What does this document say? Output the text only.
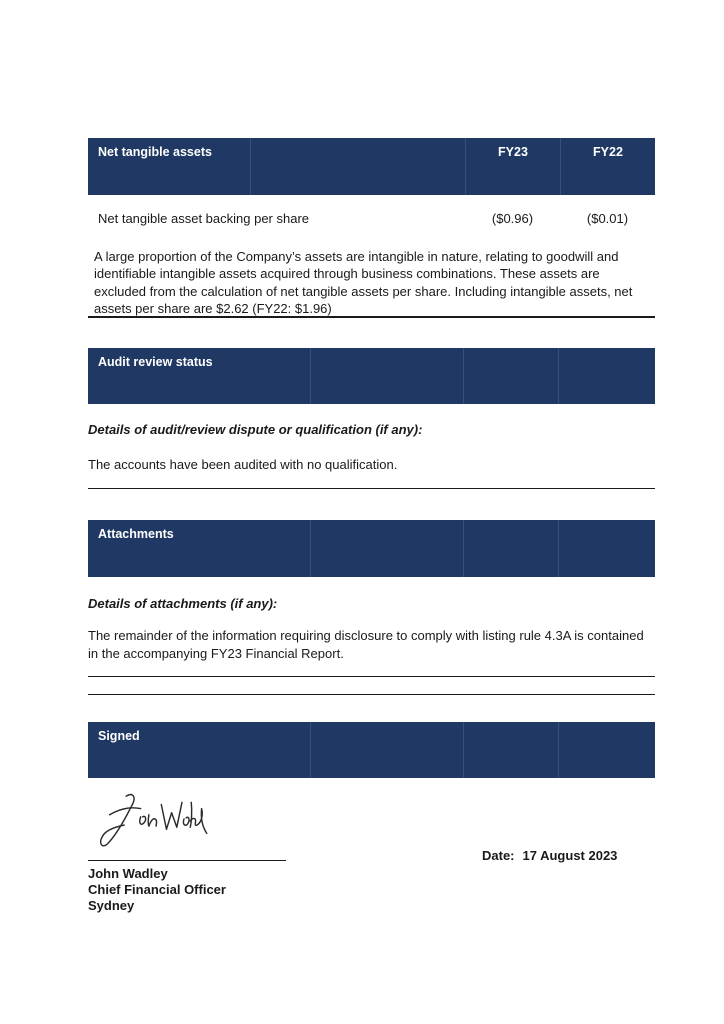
Net tangible assets	FY23	FY22
Net tangible asset backing per share	($0.96)	($0.01)
A large proportion of the Company’s assets are intangible in nature, relating to goodwill and identifiable intangible assets acquired through business combinations. These assets are excluded from the calculation of net tangible assets per share. Including intangible assets, net assets per share are $2.62 (FY22: $1.96)
Audit review status
Details of audit/review dispute or qualification (if any):
The accounts have been audited with no qualification.
Attachments
Details of attachments (if any):
The remainder of the information requiring disclosure to comply with listing rule 4.3A is contained in the accompanying FY23 Financial Report.
Signed
Date: 17 August 2023
John Wadley
Chief Financial Officer
Sydney
